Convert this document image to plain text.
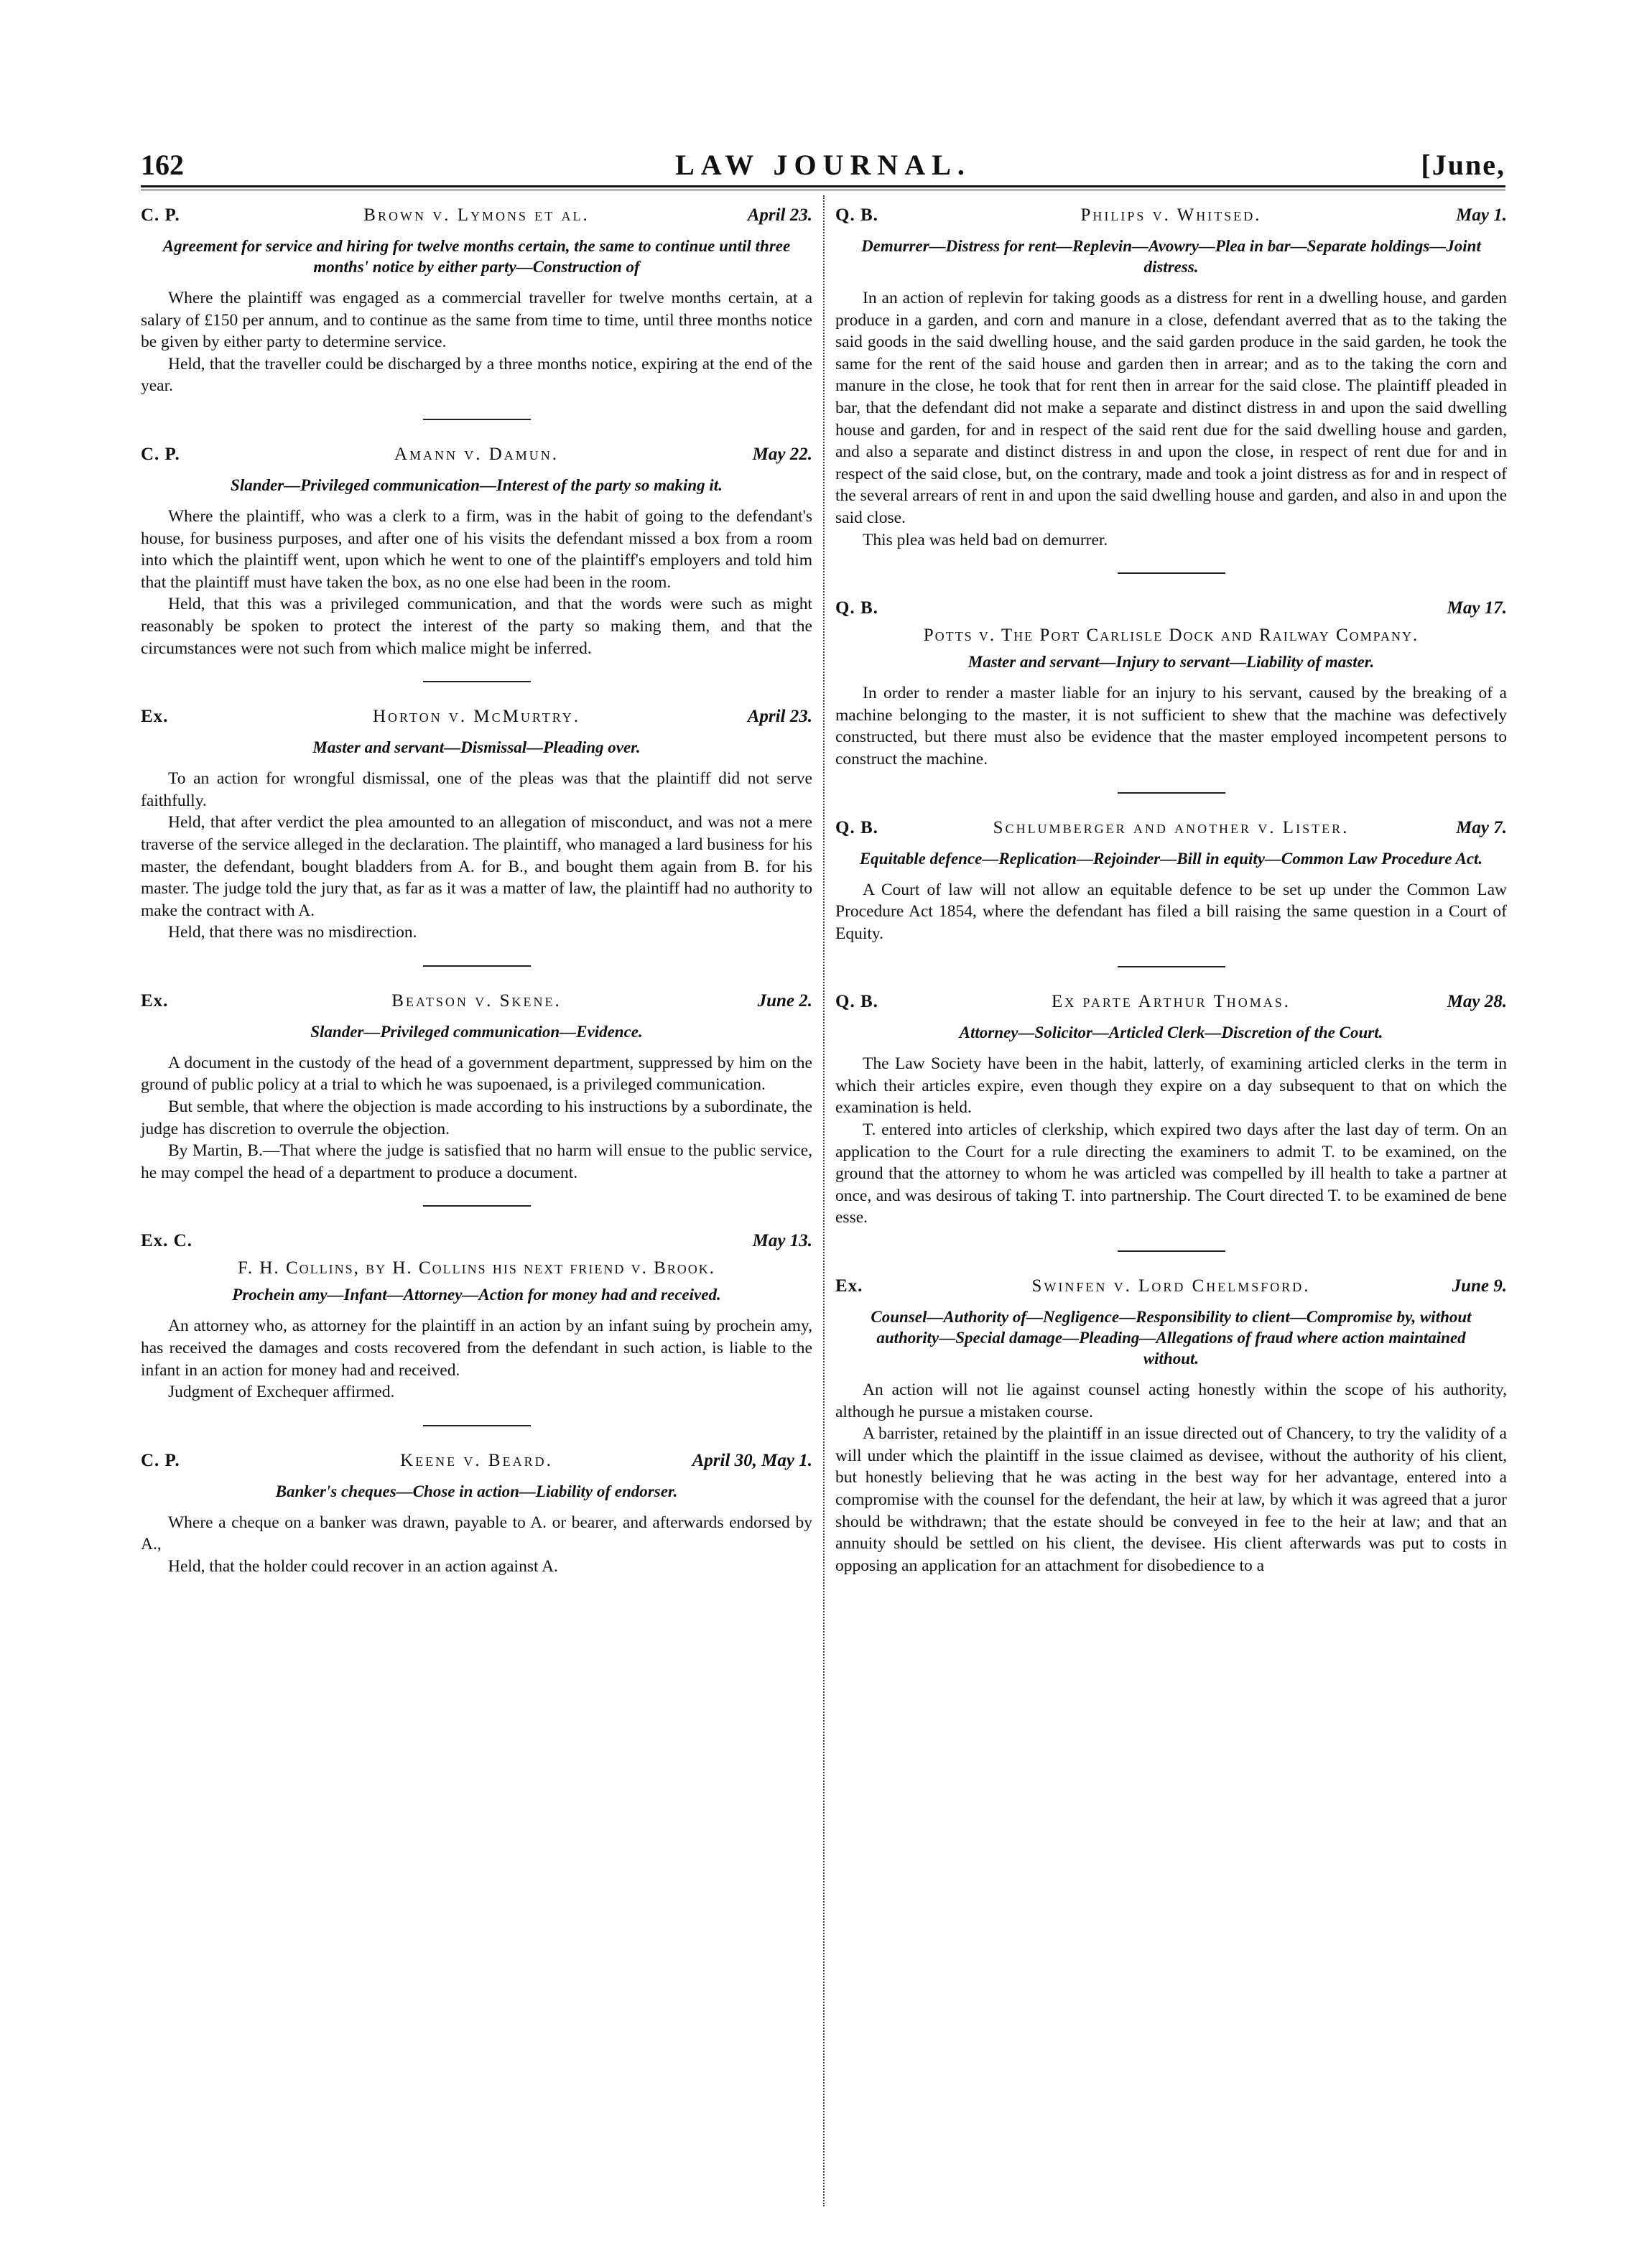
162	LAW JOURNAL.	[June,
C. P.	Brown v. Lymons et al.	April 23.
Agreement for service and hiring for twelve months certain, the same to continue until three months' notice by either party—Construction of

Where the plaintiff was engaged as a commercial traveller for twelve months certain, at a salary of £150 per annum, and to continue as the same from time to time, until three months notice be given by either party to determine service.

Held, that the traveller could be discharged by a three months notice, expiring at the end of the year.

C. P.	Amann v. Damun.	May 22.
Slander—Privileged communication—Interest of the party so making it.

Where the plaintiff, who was a clerk to a firm, was in the habit of going to the defendant's house, for business purposes, and after one of his visits the defendant missed a box from a room into which the plaintiff went, upon which he went to one of the plaintiff's employers and told him that the plaintiff must have taken the box, as no one else had been in the room.

Held, that this was a privileged communication, and that the words were such as might reasonably be spoken to protect the interest of the party so making them, and that the circumstances were not such from which malice might be inferred.

Ex.	Horton v. McMurtry.	April 23.
Master and servant—Dismissal—Pleading over.

To an action for wrongful dismissal, one of the pleas was that the plaintiff did not serve faithfully.

Held, that after verdict the plea amounted to an allegation of misconduct, and was not a mere traverse of the service alleged in the declaration. The plaintiff, who managed a lard business for his master, the defendant, bought bladders from A. for B., and bought them again from B. for his master. The judge told the jury that, as far as it was a matter of law, the plaintiff had no authority to make the contract with A.

Held, that there was no misdirection.

Ex.	Beatson v. Skene.	June 2.
Slander—Privileged communication—Evidence.

A document in the custody of the head of a government department, suppressed by him on the ground of public policy at a trial to which he was supoenaed, is a privileged communication.

But semble, that where the objection is made according to his instructions by a subordinate, the judge has discretion to overrule the objection.

By Martin, B.—That where the judge is satisfied that no harm will ensue to the public service, he may compel the head of a department to produce a document.

Ex. C.	May 13.
F. H. Collins, by H. Collins his next friend v. Brook.
Prochein amy—Infant—Attorney—Action for money had and received.

An attorney who, as attorney for the plaintiff in an action by an infant suing by prochein amy, has received the damages and costs recovered from the defendant in such action, is liable to the infant in an action for money had and received.

Judgment of Exchequer affirmed.

C. P.	Keene v. Beard.	April 30, May 1.
Banker's cheques—Chose in action—Liability of endorser.

Where a cheque on a banker was drawn, payable to A. or bearer, and afterwards endorsed by A.,

Held, that the holder could recover in an action against A.

Q. B.	Philips v. Whitsed.	May 1.
Demurrer—Distress for rent—Replevin—Avowry—Plea in bar—Separate holdings—Joint distress.

In an action of replevin for taking goods as a distress for rent in a dwelling house, and garden produce in a garden, and corn and manure in a close, defendant averred that as to the taking the said goods in the said dwelling house, and the said garden produce in the said garden, he took the same for the rent of the said house and garden then in arrear; and as to the taking the corn and manure in the close, he took that for rent then in arrear for the said close. The plaintiff pleaded in bar, that the defendant did not make a separate and distinct distress in and upon the said dwelling house and garden, for and in respect of the said rent due for the said dwelling house and garden, and also a separate and distinct distress in and upon the close, in respect of rent due for and in respect of the said close, but, on the contrary, made and took a joint distress as for and in respect of the several arrears of rent in and upon the said dwelling house and garden, and also in and upon the said close.

This plea was held bad on demurrer.

Q. B.	May 17.
Potts v. The Port Carlisle Dock and Railway Company.
Master and servant—Injury to servant—Liability of master.

In order to render a master liable for an injury to his servant, caused by the breaking of a machine belonging to the master, it is not sufficient to shew that the machine was defectively constructed, but there must also be evidence that the master employed incompetent persons to construct the machine.

Q. B.	Schlumberger and another v. Lister.	May 7.
Equitable defence—Replication—Rejoinder—Bill in equity—Common Law Procedure Act.

A Court of law will not allow an equitable defence to be set up under the Common Law Procedure Act 1854, where the defendant has filed a bill raising the same question in a Court of Equity.

Q. B.	Ex parte Arthur Thomas.	May 28.
Attorney—Solicitor—Articled Clerk—Discretion of the Court.

The Law Society have been in the habit, latterly, of examining articled clerks in the term in which their articles expire, even though they expire on a day subsequent to that on which the examination is held.

T. entered into articles of clerkship, which expired two days after the last day of term. On an application to the Court for a rule directing the examiners to admit T. to be examined, on the ground that the attorney to whom he was articled was compelled by ill health to take a partner at once, and was desirous of taking T. into partnership. The Court directed T. to be examined de bene esse.

Ex.	Swinfen v. Lord Chelmsford.	June 9.
Counsel—Authority of—Negligence—Responsibility to client—Compromise by, without authority—Special damage—Pleading—Allegations of fraud where action maintained without.

An action will not lie against counsel acting honestly within the scope of his authority, although he pursue a mistaken course.

A barrister, retained by the plaintiff in an issue directed out of Chancery, to try the validity of a will under which the plaintiff in the issue claimed as devisee, without the authority of his client, but honestly believing that he was acting in the best way for her advantage, entered into a compromise with the counsel for the defendant, the heir at law, by which it was agreed that a juror should be withdrawn; that the estate should be conveyed in fee to the heir at law; and that an annuity should be settled on his client, the devisee. His client afterwards was put to costs in opposing an application for an attachment for disobedience to a
